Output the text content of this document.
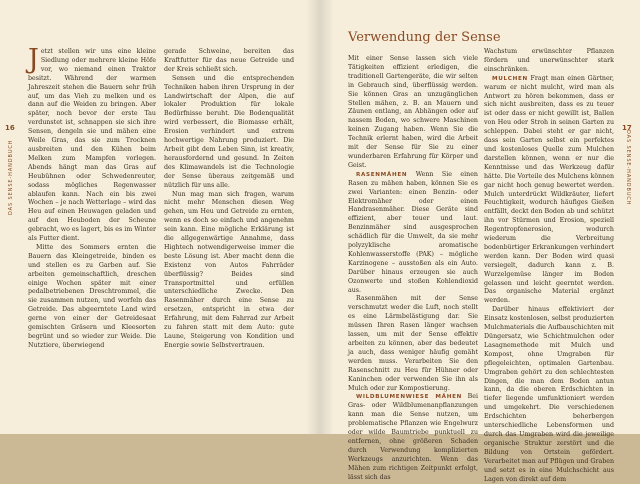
16
DAS SENSE-HANDBUCH

Jetzt stellen wir uns eine kleine Siedlung oder mehrere kleine Höfe vor, wo niemand einen Traktor besitzt. Während der warmen Jahreszeit stehen die Bauern sehr früh auf, um das Vieh zu melken und es dann auf die Weiden zu bringen. Aber später, noch bevor der erste Tau verdunstet ist, schnappen sie sich ihre Sensen, dengeln sie und mähen eine Weile Gras, das sie zum Trocknen ausbreiten und den Kühen beim Melken zum Mampfen vorlegen. Abends hängt man das Gras auf Heubühnen oder Schwedenreuter, sodass mögliches Regenwasser ablaufen kann. Nach ein bis zwei Wochen – je nach Wetterlage – wird das Heu auf einen Heuwagen geladen und auf den Heuboden der Scheune gebracht, wo es lagert, bis es im Winter als Futter dient.

Mitte des Sommers ernten die Bauern das Kleingetreide, binden es und stellen es zu Garben auf. Sie arbeiten gemeinschaftlich, dreschen einige Wochen später mit einer pedalbetriebenen Dreschtrommel, die sie zusammen nutzen, und worfeln das Getreide. Das abgeerntete Land wird gerne von einer der Getreidesaat gemischten Gräsern und Kleesorten begrünt und so wieder zur Weide. Die Nutztiere, überwiegend

gerade Schweine, bereiten das Kraftfutter für das neue Getreide und der Kreis schließt sich.

Sensen und die entsprechenden Techniken haben ihren Ursprung in der Landwirtschaft der Alpen, die auf lokaler Produktion für lokale Bedürfnisse beruht. Die Bodenqualität wird verbessert, die Biomasse erhält, Erosion verhindert und extrem hochwertige Nahrung produziert. Die Arbeit gibt dem Leben Sinn, ist kreativ, herausfordernd und gesund. In Zeiten des Klimawandels ist die Technologie der Sense überaus zeitgemäß und nützlich für uns alle.

Nun mag man sich fragen, warum nicht mehr Menschen diesen Weg gehen, um Heu und Getreide zu ernten, wenn es doch so einfach und angenehm sein kann. Eine mögliche Erklärung ist die allgegenwärtige Annahme, dass Hightech notwendigerweise immer die beste Lösung ist. Aber macht denn die Existenz von Autos Fahrräder überflüssig? Beides sind Transportmittel und erfüllen unterschiedliche Zwecke. Den Rasenmäher durch eine Sense zu ersetzen, entspricht in etwa der Erfahrung, mit dem Fahrrad zur Arbeit zu fahren statt mit dem Auto: gute Laune, Steigerung von Kondition und Energie sowie Selbstvertrauen.

Verwendung der Sense

Mit einer Sense lassen sich viele Tätigkeiten effizient erledigen, die traditionell Gartengeräte, die wir selten in Gebrauch sind, überflüssig werden. Sie können Gras an unzugänglichen Stellen mähen, z. B. an Mauern und Zäunen entlang, an Abhängen oder auf nassem Boden, wo schwere Maschinen keinen Zugang haben. Wenn Sie die Technik erlernt haben, wird die Arbeit mit der Sense für Sie zu einer wunderbaren Erfahrung für Körper und Geist.

RASENMÄHEN Wenn Sie einen Rasen zu mähen haben, können Sie es zwei Varianten: einen Benzin- oder Elektromäher oder einen Handrasenmäher. Diese Geräte sind effizient, aber teuer und laut. Benzinmäher sind ausgesprochen schädlich für die Umwelt, da sie mehr polyzyklische aromatische Kohlenwasserstoffe (PAK) – mögliche Karzinogene – ausstoßen als ein Auto. Darüber hinaus erzeugen sie auch Ozonwerte und stoßen Kohlendioxid aus.

Rasenmähen mit der Sense verschmutzt weder die Luft, noch stellt es eine Lärmbelästigung dar. Sie müssen Ihren Rasen länger wachsen lassen, um mit der Sense effektiv arbeiten zu können, aber das bedeutet ja auch, dass weniger häufig gemäht werden muss. Verarbeiten Sie den Rasenschnitt zu Heu für Hühner oder Kaninchen oder verwenden Sie ihn als Mulch oder zur Kompostierung.

WILDBLUMENWIESE MÄHEN Bei Gras- oder Wildblumenanpflanzungen kann man die Sense nutzen, um problematische Pflanzen wie Engelwurz oder wilde Baumtriebe punktuell zu entfernen, ohne größeren Schaden durch Verwendung komplizierten Werkzeugs anzurichten. Wenn das Mähen zum richtigen Zeitpunkt erfolgt, lässt sich das

Wachstum erwünschter Pflanzen fördern und unerwünschter stark einschränken.

MULCHEN Fragt man einen Gärtner, warum er nicht mulcht, wird man als Antwort zu hören bekommen, dass er sich nicht ausbreiten, dass es zu teuer ist oder dass er nicht gewillt ist, Ballen von Heu oder Stroh in seinen Garten zu schleppen. Dabei steht er gar nicht, dass sein Garten selbst ein perfektes und kostenloses Quelle zum Mulchen darstellen können, wenn er nur die Kenntnisse und das Werkzeug dafür hätte. Die Vorteile des Mulchens können gar nicht hoch genug bewertet werden. Mulch unterdrückt Wildkräuter, liefert Feuchtigkeit, wodurch häufiges Gießen entfällt, deckt den Boden ab und schützt ihn vor Stürmen und Erosion, speziell Regentropfenerosion, wodurch wiederum die Verbreitung bodenbürtiger Erkrankungen verhindert werden kann. Der Boden wird quasi versiegelt, dadurch kann z. B. Wurzelgemüse länger im Boden gelassen und leicht geerntet werden. Das organische Material ergänzt werden.

Darüber hinaus effektiviert der Einsatz kostenlosen, selbst produzierten Mulchmaterials die Aufbauschichten mit Düngersatz, wie Schichtmulchen oder Lasagnemethode mit Mulch und Kompost, ohne Umgraben für pflegeleichten, optimalen Gartenbau. Umgraben gehört zu den schlechtesten Dingen, die man dem Boden antun kann, da die oberen Erdschichten in tiefer liegende umfunktioniert werden und umgekehrt. Die verschiedenen Erdschichten beherbergen unterschiedliche Lebensformen und durch das Umgraben wird die jeweilige organische Struktur zerstört und die Bildung von Ortstein gefördert. Verarbeitet man auf Pflügen und Graben und setzt es in eine Mulchschicht aus Lagen von direkt auf dem

17
DAS SENSE-HANDBUCH
